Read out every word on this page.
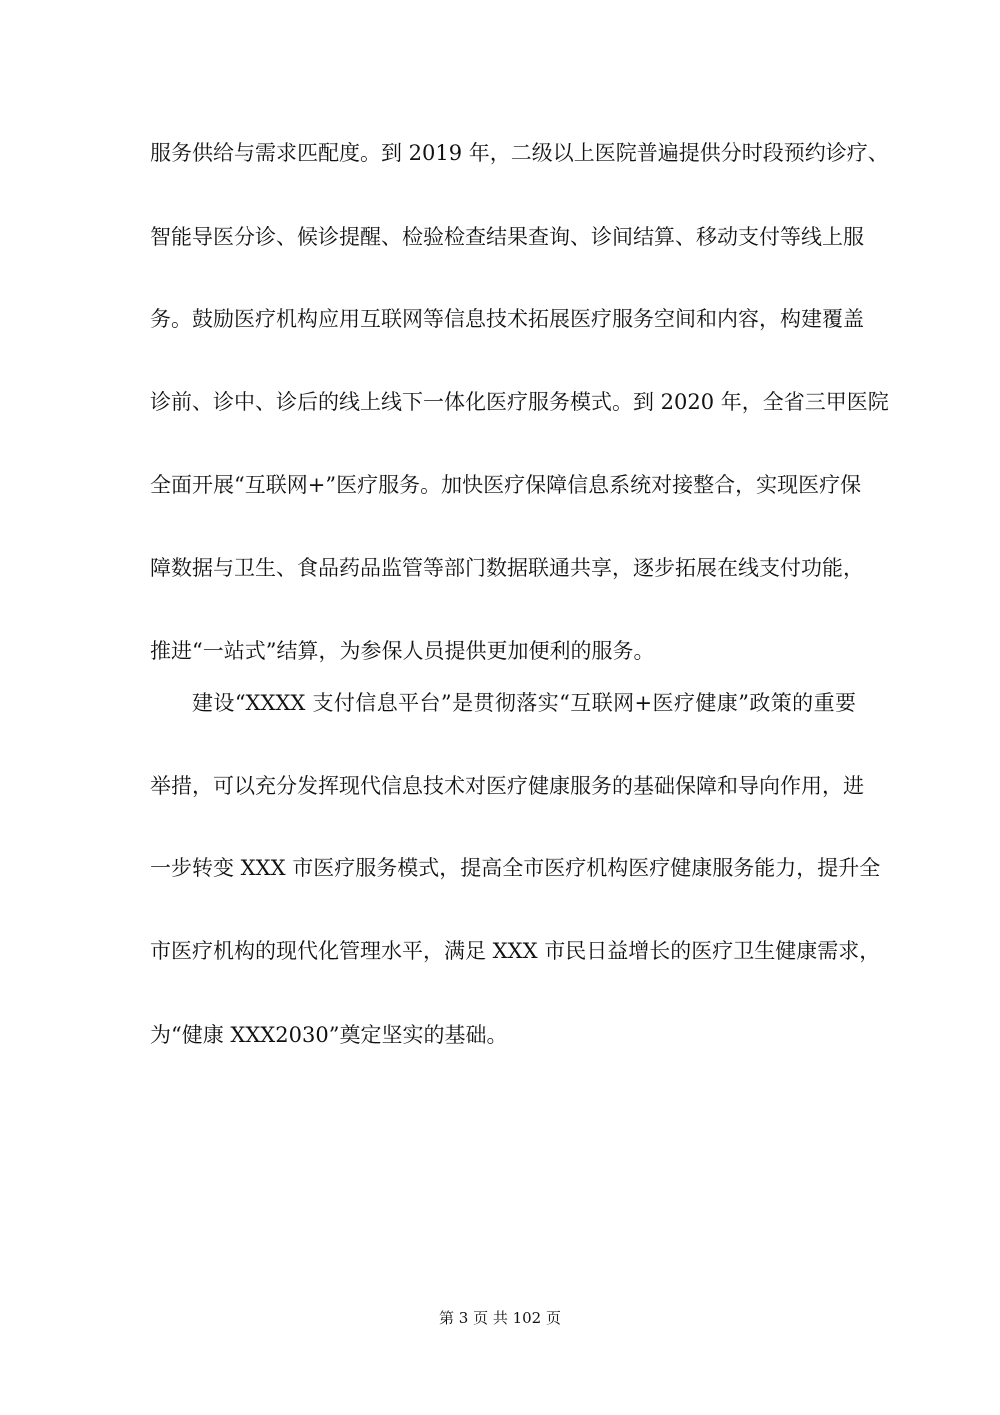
服务供给与需求匹配度。到 2019 年，二级以上医院普遍提供分时段预约诊疗、
智能导医分诊、候诊提醒、检验检查结果查询、诊间结算、移动支付等线上服
务。鼓励医疗机构应用互联网等信息技术拓展医疗服务空间和内容，构建覆盖
诊前、诊中、诊后的线上线下一体化医疗服务模式。到 2020 年，全省三甲医院
全面开展“互联网+”医疗服务。加快医疗保障信息系统对接整合，实现医疗保
障数据与卫生、食品药品监管等部门数据联通共享，逐步拓展在线支付功能，
推进“一站式”结算，为参保人员提供更加便利的服务。
建设“XXXX 支付信息平台”是贯彻落实“互联网+医疗健康”政策的重要
举措，可以充分发挥现代信息技术对医疗健康服务的基础保障和导向作用，进
一步转变 XXX 市医疗服务模式，提高全市医疗机构医疗健康服务能力，提升全
市医疗机构的现代化管理水平，满足 XXX 市民日益增长的医疗卫生健康需求，
为“健康 XXX2030”奠定坚实的基础。
第 3 页 共 102 页
